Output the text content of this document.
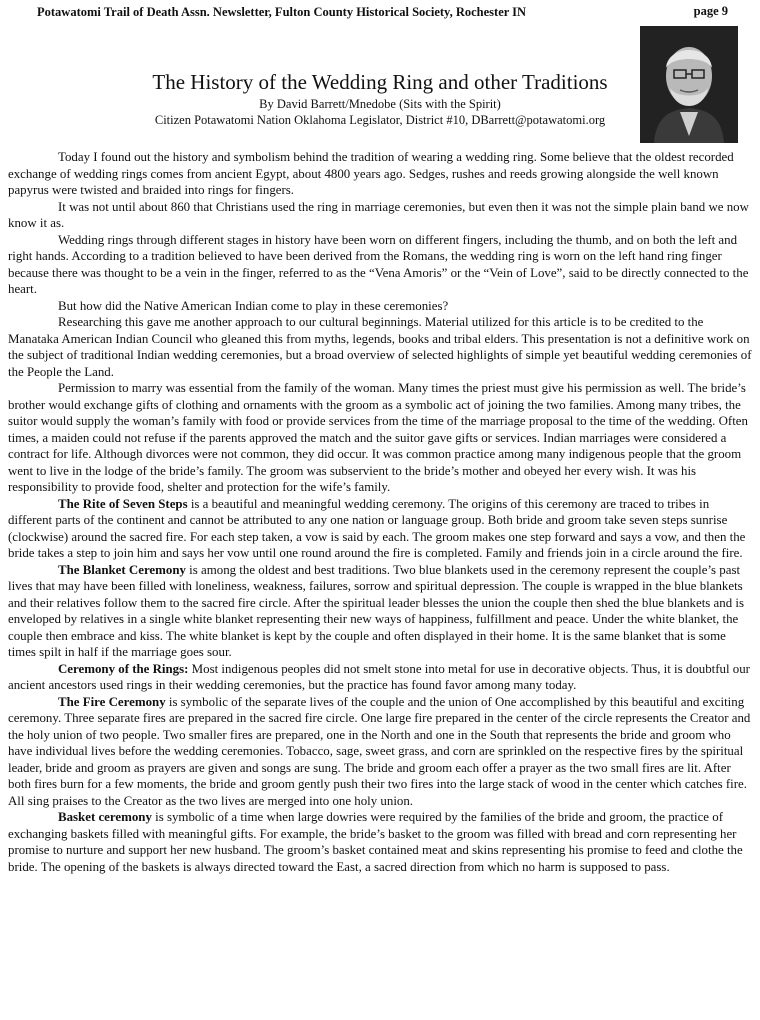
Potawatomi Trail of Death Assn. Newsletter, Fulton County Historical Society, Rochester IN	page 9
The History of the Wedding Ring and other Traditions
By David Barrett/Mnedobe (Sits with the Spirit)
Citizen Potawatomi Nation Oklahoma Legislator, District #10, DBarrett@potawatomi.org

Today I found out the history and symbolism behind the tradition of wearing a wedding ring. Some believe that the oldest recorded exchange of wedding rings comes from ancient Egypt, about 4800 years ago. Sedges, rushes and reeds growing alongside the well known papyrus were twisted and braided into rings for fingers.

It was not until about 860 that Christians used the ring in marriage ceremonies, but even then it was not the simple plain band we now know it as.

Wedding rings through different stages in history have been worn on different fingers, including the thumb, and on both the left and right hands. According to a tradition believed to have been derived from the Romans, the wedding ring is worn on the left hand ring finger because there was thought to be a vein in the finger, referred to as the “Vena Amoris” or the “Vein of Love”, said to be directly connected to the heart.

But how did the Native American Indian come to play in these ceremonies?

Researching this gave me another approach to our cultural beginnings. Material utilized for this article is to be credited to the Manataka American Indian Council who gleaned this from myths, legends, books and tribal elders. This presentation is not a definitive work on the subject of traditional Indian wedding ceremonies, but a broad overview of selected highlights of simple yet beautiful wedding ceremonies of the People the Land.

Permission to marry was essential from the family of the woman. Many times the priest must give his permission as well. The bride’s brother would exchange gifts of clothing and ornaments with the groom as a symbolic act of joining the two families. Among many tribes, the suitor would supply the woman’s family with food or provide services from the time of the marriage proposal to the time of the wedding. Often times, a maiden could not refuse if the parents approved the match and the suitor gave gifts or services. Indian marriages were considered a contract for life. Although divorces were not common, they did occur. It was common practice among many indigenous people that the groom went to live in the lodge of the bride’s family. The groom was subservient to the bride’s mother and obeyed her every wish. It was his responsibility to provide food, shelter and protection for the wife’s family.

The Rite of Seven Steps is a beautiful and meaningful wedding ceremony. The origins of this ceremony are traced to tribes in different parts of the continent and cannot be attributed to any one nation or language group. Both bride and groom take seven steps sunrise (clockwise) around the sacred fire. For each step taken, a vow is said by each. The groom makes one step forward and says a vow, and then the bride takes a step to join him and says her vow until one round around the fire is completed. Family and friends join in a circle around the fire.

The Blanket Ceremony is among the oldest and best traditions. Two blue blankets used in the ceremony represent the couple’s past lives that may have been filled with loneliness, weakness, failures, sorrow and spiritual depression. The couple is wrapped in the blue blankets and their relatives follow them to the sacred fire circle. After the spiritual leader blesses the union the couple then shed the blue blankets and is enveloped by relatives in a single white blanket representing their new ways of happiness, fulfillment and peace. Under the white blanket, the couple then embrace and kiss. The white blanket is kept by the couple and often displayed in their home. It is the same blanket that is some times spilt in half if the marriage goes sour.

Ceremony of the Rings: Most indigenous peoples did not smelt stone into metal for use in decorative objects. Thus, it is doubtful our ancient ancestors used rings in their wedding ceremonies, but the practice has found favor among many today.

The Fire Ceremony is symbolic of the separate lives of the couple and the union of One accomplished by this beautiful and exciting ceremony. Three separate fires are prepared in the sacred fire circle. One large fire prepared in the center of the circle represents the Creator and the holy union of two people. Two smaller fires are prepared, one in the North and one in the South that represents the bride and groom who have individual lives before the wedding ceremonies. Tobacco, sage, sweet grass, and corn are sprinkled on the respective fires by the spiritual leader, bride and groom as prayers are given and songs are sung. The bride and groom each offer a prayer as the two small fires are lit. After both fires burn for a few moments, the bride and groom gently push their two fires into the large stack of wood in the center which catches fire. All sing praises to the Creator as the two lives are merged into one holy union.

Basket ceremony is symbolic of a time when large dowries were required by the families of the bride and groom, the practice of exchanging baskets filled with meaningful gifts. For example, the bride’s basket to the groom was filled with bread and corn representing her promise to nurture and support her new husband. The groom’s basket contained meat and skins representing his promise to feed and clothe the bride. The opening of the baskets is always directed toward the East, a sacred direction from which no harm is supposed to pass.
